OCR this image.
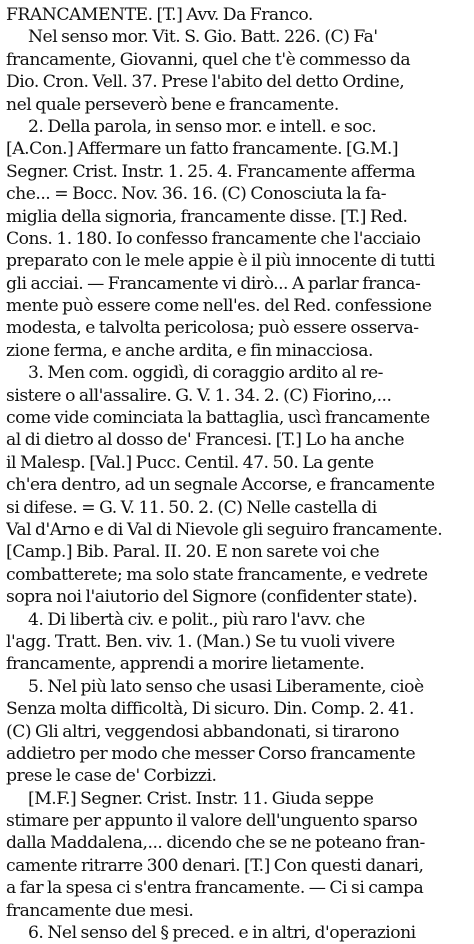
FRANCAMENTE. [T.] Avv. Da Franco.
Nel senso mor. Vit. S. Gio. Batt. 226. (C) Fa'
francamente, Giovanni, quel che t'è commesso da
Dio. Cron. Vell. 37. Prese l'abito del detto Ordine,
nel quale perseverò bene e francamente.
2. Della parola, in senso mor. e intell. e soc.
[A.Con.] Affermare un fatto francamente. [G.M.]
Segner. Crist. Instr. 1. 25. 4. Francamente afferma
che... = Bocc. Nov. 36. 16. (C) Conosciuta la fa-
miglia della signoria, francamente disse. [T.] Red.
Cons. 1. 180. Io confesso francamente che l'acciaio
preparato con le mele appie è il più innocente di tutti
gli acciai. — Francamente vi dirò... A parlar franca-
mente può essere come nell'es. del Red. confessione
modesta, e talvolta pericolosa; può essere osserva-
zione ferma, e anche ardita, e fin minacciosa.
3. Men com. oggidì, di coraggio ardito al re-
sistere o all'assalire. G. V. 1. 34. 2. (C) Fiorino,...
come vide cominciata la battaglia, uscì francamente
al di dietro al dosso de' Francesi. [T.] Lo ha anche
il Malesp. [Val.] Pucc. Centil. 47. 50. La gente
ch'era dentro, ad un segnale Accorse, e francamente
si difese. = G. V. 11. 50. 2. (C) Nelle castella di
Val d'Arno e di Val di Nievole gli seguiro francamente.
[Camp.] Bib. Paral. II. 20. E non sarete voi che
combatterete; ma solo state francamente, e vedrete
sopra noi l'aiutorio del Signore (confidenter state).
4. Di libertà civ. e polit., più raro l'avv. che
l'agg. Tratt. Ben. viv. 1. (Man.) Se tu vuoli vivere
francamente, apprendi a morire lietamente.
5. Nel più lato senso che usasi Liberamente, cioè
Senza molta difficoltà, Di sicuro. Din. Comp. 2. 41.
(C) Gli altri, veggendosi abbandonati, si tirarono
addietro per modo che messer Corso francamente
prese le case de' Corbizzi.
[M.F.] Segner. Crist. Instr. 11. Giuda seppe
stimare per appunto il valore dell'unguento sparso
dalla Maddalena,... dicendo che se ne poteano fran-
camente ritrarre 300 denari. [T.] Con questi danari,
a far la spesa ci s'entra francamente. — Ci si campa
francamente due mesi.
6. Nel senso del § preced. e in altri, d'operazioni
